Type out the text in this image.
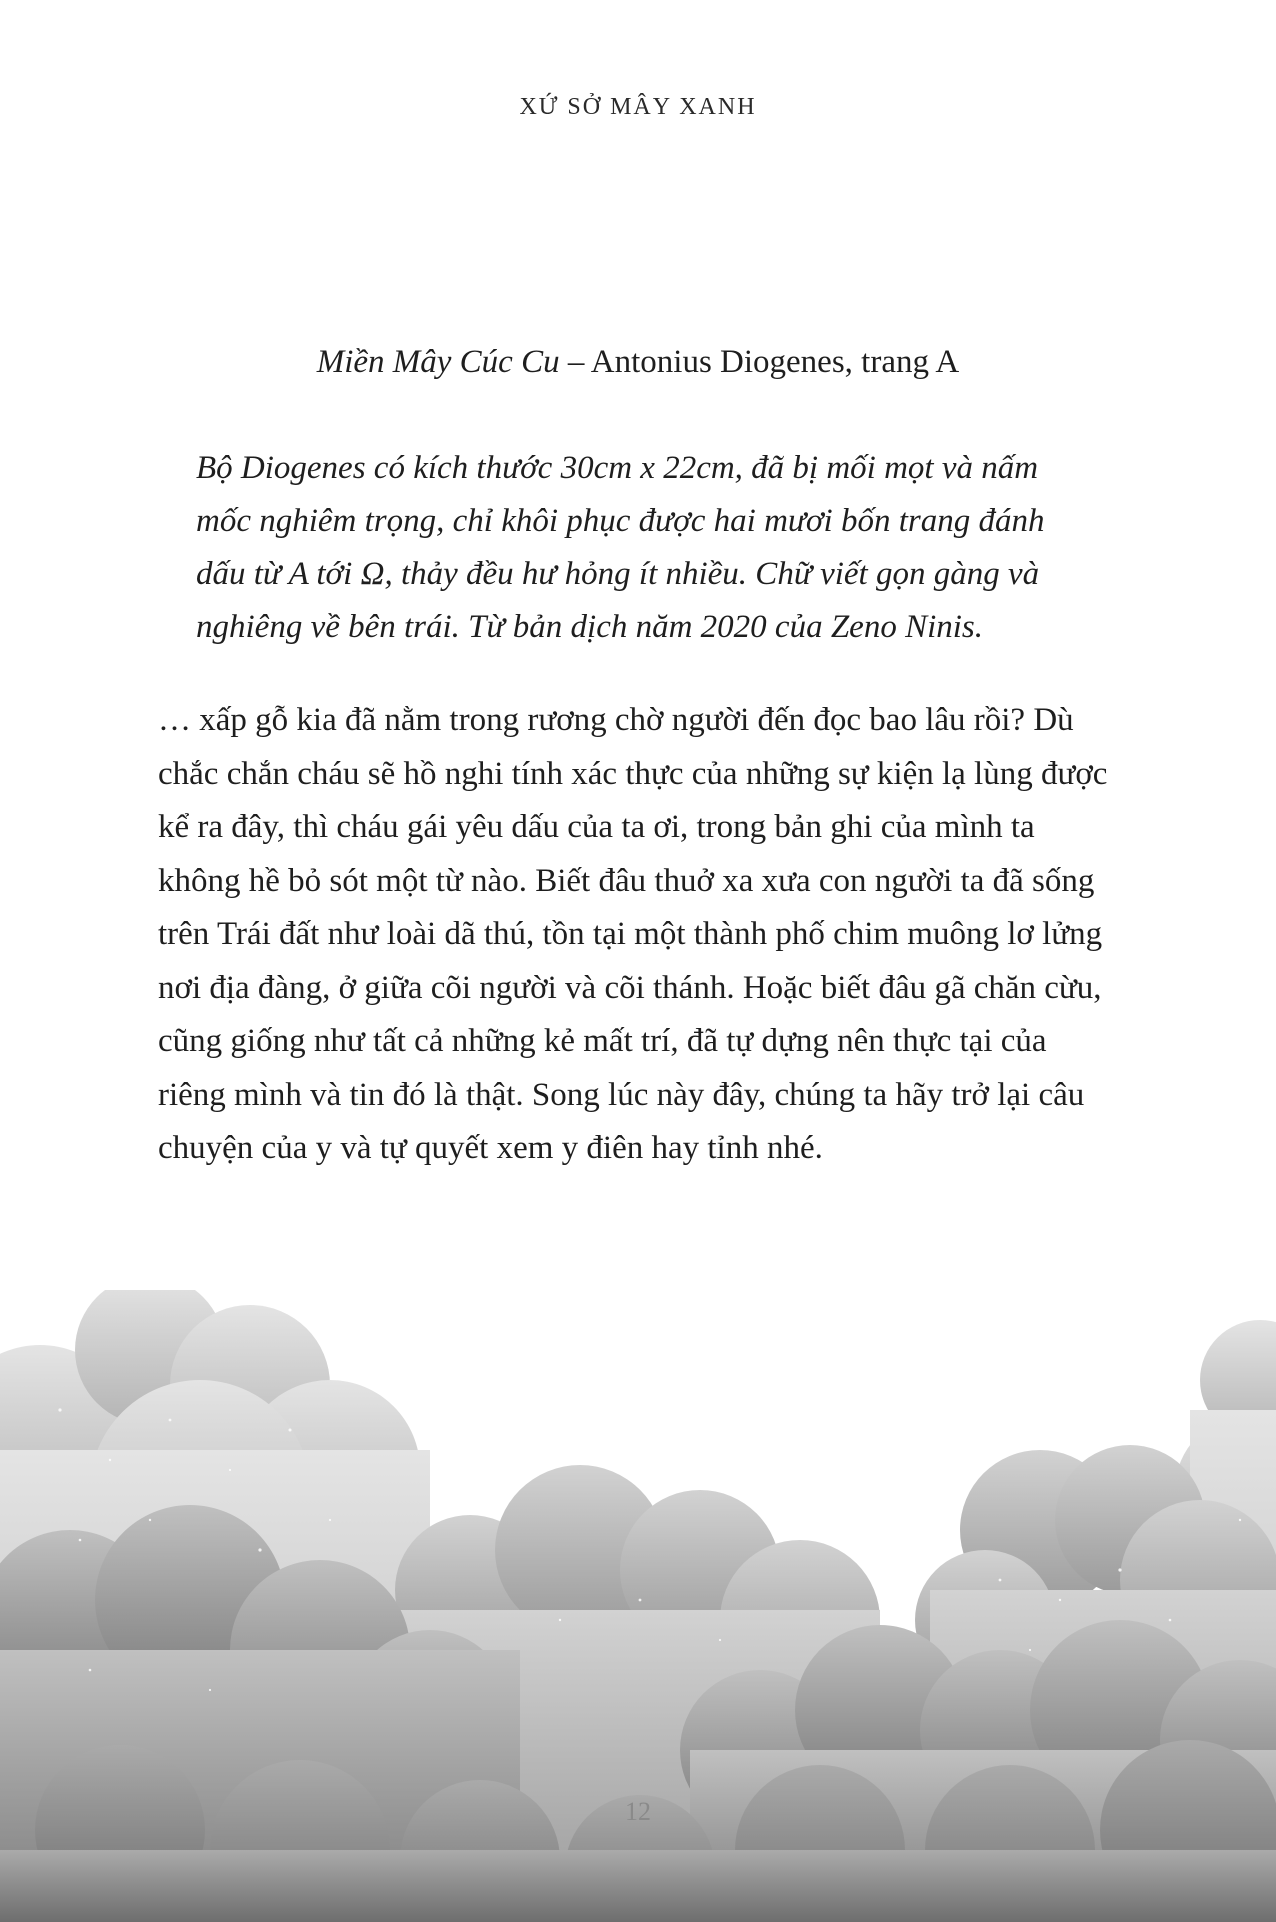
XỨ SỞ MÂY XANH
Miền Mây Cúc Cu – Antonius Diogenes, trang A

Bộ Diogenes có kích thước 30cm x 22cm, đã bị mối mọt và nấm mốc nghiêm trọng, chỉ khôi phục được hai mươi bốn trang đánh dấu từ A tới Ω, thảy đều hư hỏng ít nhiều. Chữ viết gọn gàng và nghiêng về bên trái. Từ bản dịch năm 2020 của Zeno Ninis.

… xấp gỗ kia đã nằm trong rương chờ người đến đọc bao lâu rồi? Dù chắc chắn cháu sẽ hồ nghi tính xác thực của những sự kiện lạ lùng được kể ra đây, thì cháu gái yêu dấu của ta ơi, trong bản ghi của mình ta không hề bỏ sót một từ nào. Biết đâu thuở xa xưa con người ta đã sống trên Trái đất như loài dã thú, tồn tại một thành phố chim muông lơ lửng nơi địa đàng, ở giữa cõi người và cõi thánh. Hoặc biết đâu gã chăn cừu, cũng giống như tất cả những kẻ mất trí, đã tự dựng nên thực tại của riêng mình và tin đó là thật. Song lúc này đây, chúng ta hãy trở lại câu chuyện của y và tự quyết xem y điên hay tỉnh nhé.

12
